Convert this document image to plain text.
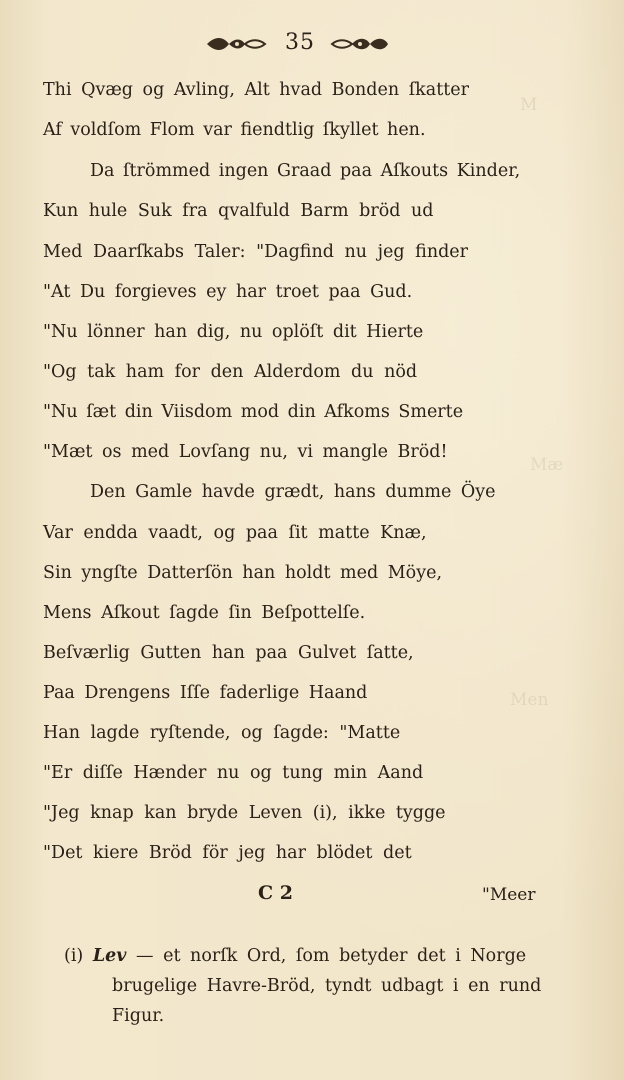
35
M
Mæ
Men
Thi Qvæg og Avling, Alt hvad Bonden ſkatter
Af voldſom Flom var fiendtlig ſkyllet hen.
Da ſtrömmed ingen Graad paa Aſkouts Kinder,
Kun hule Suk fra qvalfuld Barm bröd ud
Med Daarſkabs Taler: "Dagfind nu jeg finder
"At Du forgieves ey har troet paa Gud.
"Nu lönner han dig, nu oplöſt dit Hierte
"Og tak ham for den Alderdom du nöd
"Nu ſæt din Viisdom mod din Afkoms Smerte
"Mæt os med Lovſang nu, vi mangle Bröd!
Den Gamle havde grædt, hans dumme Öye
Var endda vaadt, og paa ſit matte Knæ,
Sin yngſte Datterſön han holdt med Möye,
Mens Aſkout ſagde ſin Beſpottelſe.
Beſværlig Gutten han paa Gulvet ſatte,
Paa Drengens Iſſe faderlige Haand
Han lagde ryſtende, og ſagde: "Matte
"Er diſſe Hænder nu og tung min Aand
"Jeg knap kan bryde Leven (i), ikke tygge
"Det kiere Bröd för jeg har blödet det
C 2	"Meer
(i) Lev — et norſk Ord, ſom betyder det i Norge
brugelige Havre-Bröd, tyndt udbagt i en rund
Figur.
